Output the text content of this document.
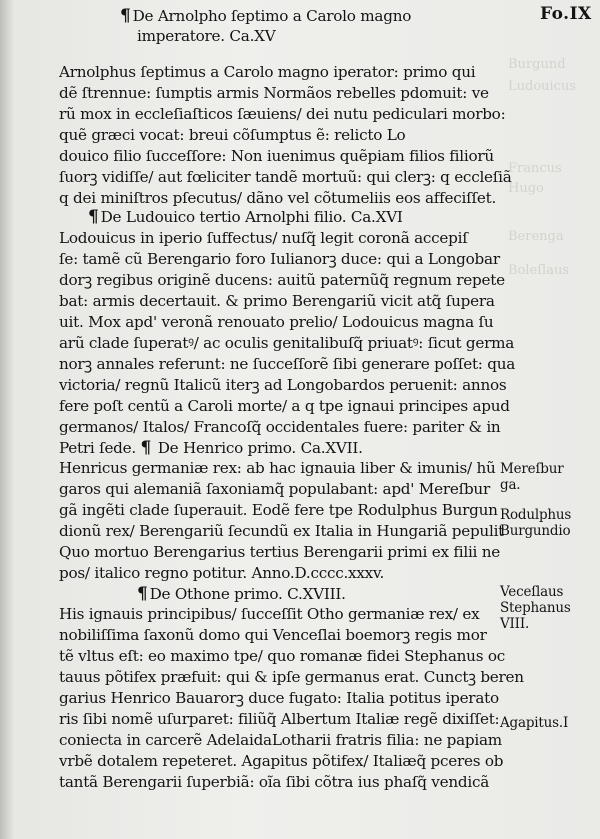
Fo.IX
¶ De Arnolpho ſeptimo a Carolo magno
imperatore. Ca.XV
Arnolphus ſeptimus a Carolo magno iperator: primo qui
dẽ ſtrennue: ſumptis armis Normãos rebelles pdomuit: ve
rũ mox in eccleſiaſticos ſæuiens/ dei nutu pediculari morbo:
quẽ græci vocat: breui cõſumptus ẽ: relicto Lo
douico filio ſucceſſore: Non iuenimus quẽpiam filios filiorũ
ſuorꝫ vidiſſe/ aut fœliciter tandẽ mortuũ: qui clerꝫ: q eccleſiã
q dei miniſtros pſecutus/ dãno vel cõtumeliis eos affeciſſet.
¶ De Ludouico tertio Arnolphi filio. Ca.XVI
Lodouicus in iperio ſuffectus/ nuſq̃ legit coronã accepiſ
ſe: tamẽ cũ Berengario foro Iulianorꝫ duce: qui a Longobar
dorꝫ regibus originẽ ducens: auitũ paternũq̃ regnum repete
bat: armis decertauit. & primo Berengariũ vicit atq̃ ſupera
uit. Mox apd' veronã renouato prelio/ Lodouicus magna ſu
arũ clade ſuperatꝰ/ ac oculis genitalibuſq̃ priuatꝰ: ſicut germa
norꝫ annales referunt: ne ſucceſſorẽ ſibi generare poſſet: qua
victoria/ regnũ Italicũ iterꝫ ad Longobardos peruenit: annos
fere poſt centũ a Caroli morte/ a q tpe ignaui principes apud
germanos/ Italos/ Francoſq̃ occidentales fuere: pariter & in
Petri ſede. ¶ De Henrico primo. Ca.XVII.
Henricus germaniæ rex: ab hac ignauia liber & imunis/ hũ
garos qui alemaniã ſaxoniamq̃ populabant: apd' Mereſbur
gã ingẽti clade ſuperauit. Eodẽ fere tpe Rodulphus Burgun
dionũ rex/ Berengariũ ſecundũ ex Italia in Hungariã pepulit
Quo mortuo Berengarius tertius Berengarii primi ex filii ne
pos/ italico regno potitur. Anno.D.cccc.xxxv.
¶ De Othone primo. C.XVIII.
His ignauis principibus/ ſucceſſit Otho germaniæ rex/ ex
nobiliſſima ſaxonũ domo qui Venceſlai boemorꝫ regis mor
tẽ vltus eſt: eo maximo tpe/ quo romanæ fidei Stephanus oc
tauus põtifex præfuit: qui & ipſe germanus erat. Cunctꝫ beren
garius Henrico Bauarorꝫ duce fugato: Italia potitus iperato
ris ſibi nomẽ uſurparet: filiũq̃ Albertum Italiæ regẽ dixiſſet:
coniecta in carcerẽ AdelaidaLotharii fratris filia: ne papiam
vrbẽ dotalem repeteret. Agapitus põtifex/ Italiæq̃ pceres ob
tantã Berengarii ſuperbiã: oĩa ſibi cõtra ius phaſq̃ vendicã
Mereſbur
ga.
Rodulphus
Burgundio
Veceſlaus
Stephanus
VIII.
Agapitus.I
Burgund
Ludouicus
Francus
Hugo
Berenga
Boleſlaus
